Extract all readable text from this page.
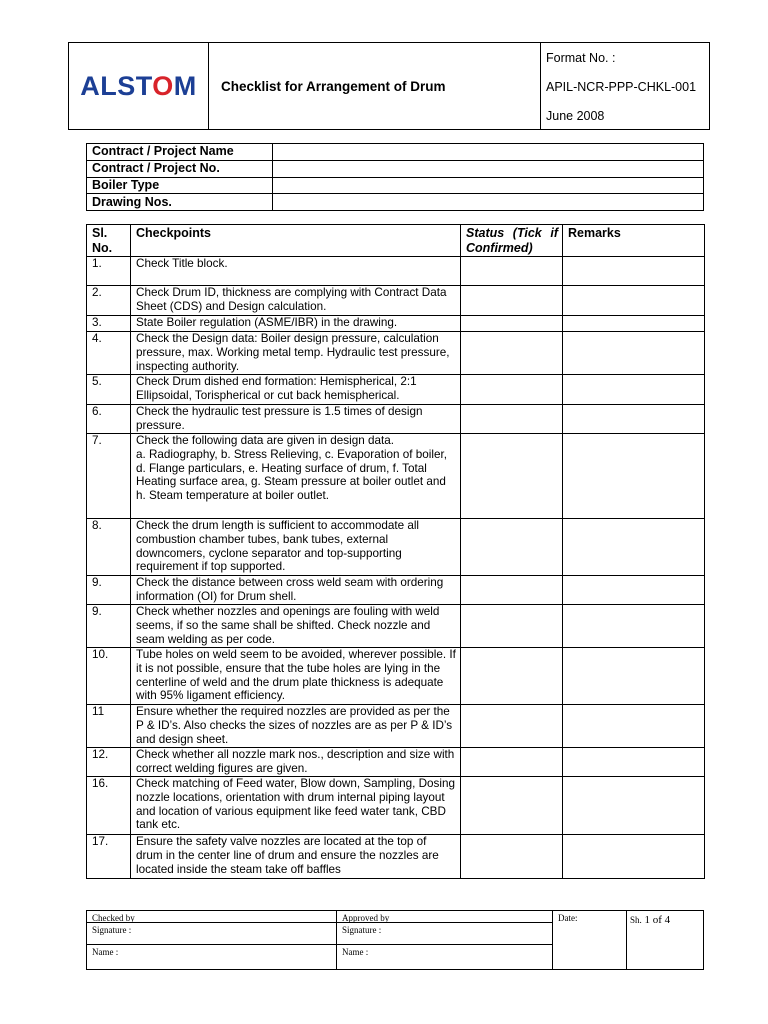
ALSTOM	Checklist for Arrangement of Drum
Format No. :
APIL-NCR-PPP-CHKL-001
June 2008
Contract / Project Name	
Contract / Project No.	
Boiler Type	
Drawing Nos.	
Sl. No.	Checkpoints	Status (Tick if Confirmed)	Remarks
1.	Check Title block.		
2.	Check Drum ID, thickness are complying with Contract Data Sheet (CDS) and Design calculation.		
3.	State Boiler regulation (ASME/IBR) in the drawing.		
4.	Check the Design data: Boiler design pressure, calculation pressure, max. Working metal temp. Hydraulic test pressure, inspecting authority.		
5.	Check Drum dished end formation: Hemispherical, 2:1 Ellipsoidal, Torispherical or cut back hemispherical.		
6.	Check the hydraulic test pressure is 1.5 times of design pressure.		
7.	Check the following data are given in design data.
a. Radiography, b. Stress Relieving, c. Evaporation of boiler,
d. Flange particulars, e. Heating surface of drum, f. Total Heating surface area, g. Steam pressure at boiler outlet and h. Steam temperature at boiler outlet.		
8.	Check the drum length is sufficient to accommodate all combustion chamber tubes, bank tubes, external downcomers, cyclone separator and top-supporting requirement if top supported.		
9.	Check the distance between cross weld seam with ordering information (OI) for Drum shell.		
9.	Check whether nozzles and openings are fouling with weld seems, if so the same shall be shifted. Check nozzle and seam welding as per code.		
10.	Tube holes on weld seem to be avoided, wherever possible. If it is not possible, ensure that the tube holes are lying in the centerline of weld and the drum plate thickness is adequate with 95% ligament efficiency.		
11	Ensure whether the required nozzles are provided as per the P & ID’s. Also checks the sizes of nozzles are as per P & ID’s and design sheet.		
12.	Check whether all nozzle mark nos., description and size with correct welding figures are given.		
16.	Check matching of Feed water, Blow down, Sampling, Dosing nozzle locations, orientation with drum internal piping layout and location of various equipment like feed water tank, CBD tank etc.		
17.	Ensure the safety valve nozzles are located at the top of drum in the center line of drum and ensure the nozzles are located inside the steam take off baffles		
Checked by
Signature :
Name :
Approved by
Signature :
Name :
Date:	Sh. 1 of 4
